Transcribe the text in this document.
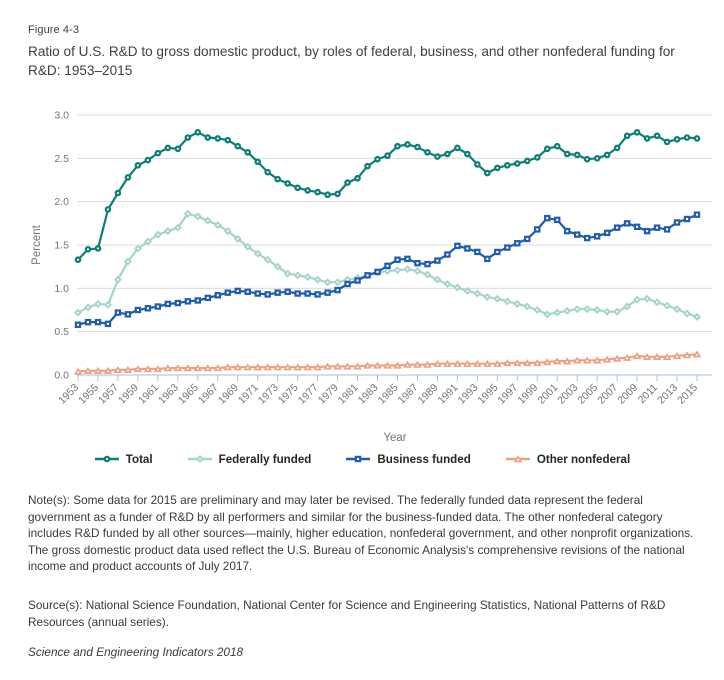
Figure 4-3
Ratio of U.S. R&D to gross domestic product, by roles of federal, business, and other nonfederal funding for R&D: 1953–2015
0.0
0.5
1.0
1.5
2.0
2.5
3.0
1953
1955
1957
1959
1961
1963
1965
1967
1969
1971
1973
1975
1977
1979
1981
1983
1985
1987
1989
1991
1993
1995
1997
1999
2001
2003
2005
2007
2009
2011
2013
2015
Percent
Year
Total	Federally funded	Business funded	Other nonfederal
Note(s): Some data for 2015 are preliminary and may later be revised. The federally funded data represent the federal government as a funder of R&D by all performers and similar for the business-funded data. The other nonfederal category includes R&D funded by all other sources—mainly, higher education, nonfederal government, and other nonprofit organizations. The gross domestic product data used reflect the U.S. Bureau of Economic Analysis's comprehensive revisions of the national income and product accounts of July 2017.
Source(s): National Science Foundation, National Center for Science and Engineering Statistics, National Patterns of R&D Resources (annual series).
Science and Engineering Indicators 2018
